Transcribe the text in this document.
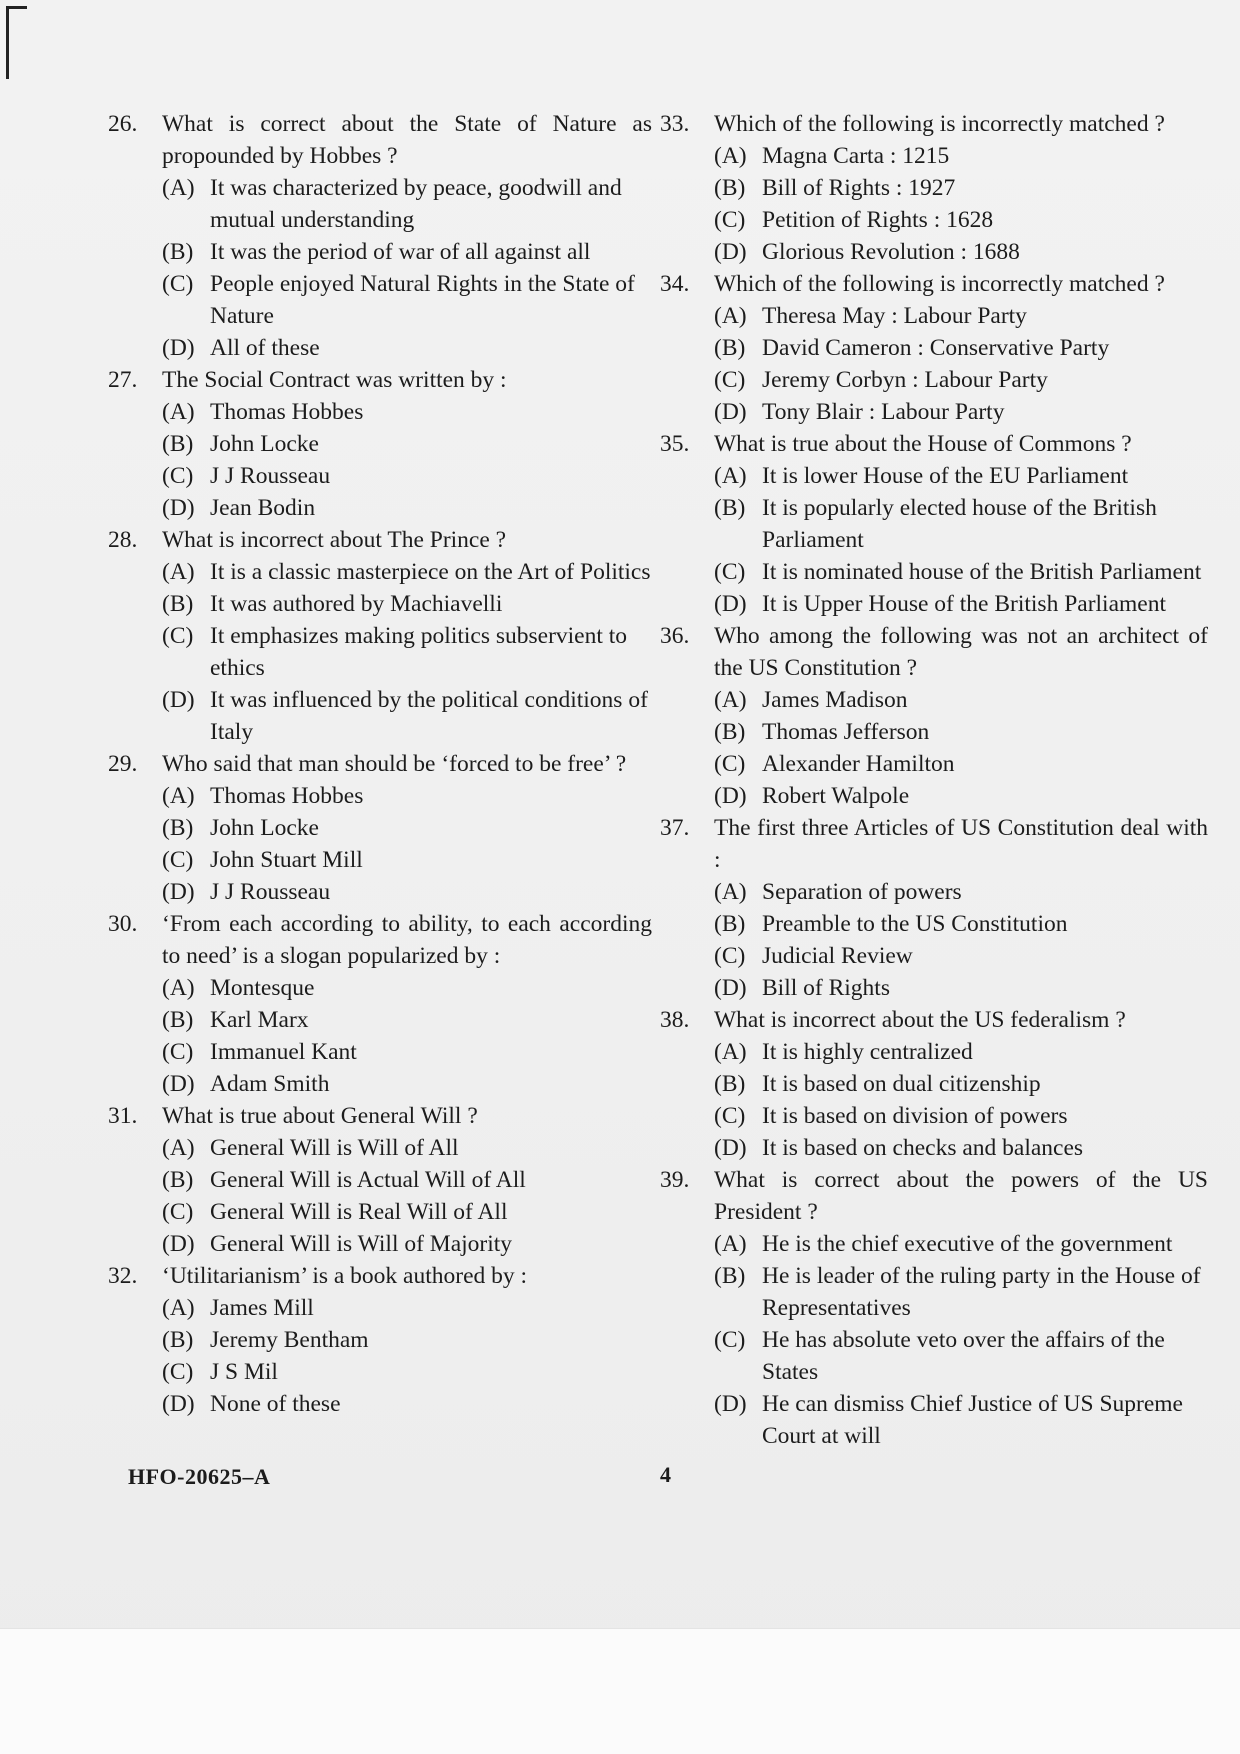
26.	What is correct about the State of Nature as propounded by Hobbes ?
(A) It was characterized by peace, goodwill and mutual understanding
(B) It was the period of war of all against all
(C) People enjoyed Natural Rights in the State of Nature
(D) All of these
27.	The Social Contract was written by :
(A) Thomas Hobbes
(B) John Locke
(C) J J Rousseau
(D) Jean Bodin
28.	What is incorrect about The Prince ?
(A) It is a classic masterpiece on the Art of Politics
(B) It was authored by Machiavelli
(C) It emphasizes making politics subservient to ethics
(D) It was influenced by the political conditions of Italy
29.	Who said that man should be ‘forced to be free’ ?
(A) Thomas Hobbes
(B) John Locke
(C) John Stuart Mill
(D) J J Rousseau
30.	‘From each according to ability, to each according to need’ is a slogan popularized by :
(A) Montesque
(B) Karl Marx
(C) Immanuel Kant
(D) Adam Smith
31.	What is true about General Will ?
(A) General Will is Will of All
(B) General Will is Actual Will of All
(C) General Will is Real Will of All
(D) General Will is Will of Majority
32.	‘Utilitarianism’ is a book authored by :
(A) James Mill
(B) Jeremy Bentham
(C) J S Mil
(D) None of these
33.	Which of the following is incorrectly matched ?
(A) Magna Carta : 1215
(B) Bill of Rights : 1927
(C) Petition of Rights : 1628
(D) Glorious Revolution : 1688
34.	Which of the following is incorrectly matched ?
(A) Theresa May : Labour Party
(B) David Cameron : Conservative Party
(C) Jeremy Corbyn : Labour Party
(D) Tony Blair : Labour Party
35.	What is true about the House of Commons ?
(A) It is lower House of the EU Parliament
(B) It is popularly elected house of the British Parliament
(C) It is nominated house of the British Parliament
(D) It is Upper House of the British Parliament
36.	Who among the following was not an architect of the US Constitution ?
(A) James Madison
(B) Thomas Jefferson
(C) Alexander Hamilton
(D) Robert Walpole
37.	The first three Articles of US Constitution deal with :
(A) Separation of powers
(B) Preamble to the US Constitution
(C) Judicial Review
(D) Bill of Rights
38.	What is incorrect about the US federalism ?
(A) It is highly centralized
(B) It is based on dual citizenship
(C) It is based on division of powers
(D) It is based on checks and balances
39.	What is correct about the powers of the US President ?
(A) He is the chief executive of the government
(B) He is leader of the ruling party in the House of Representatives
(C) He has absolute veto over the affairs of the States
(D) He can dismiss Chief Justice of US Supreme Court at will
HFO-20625–A	4
